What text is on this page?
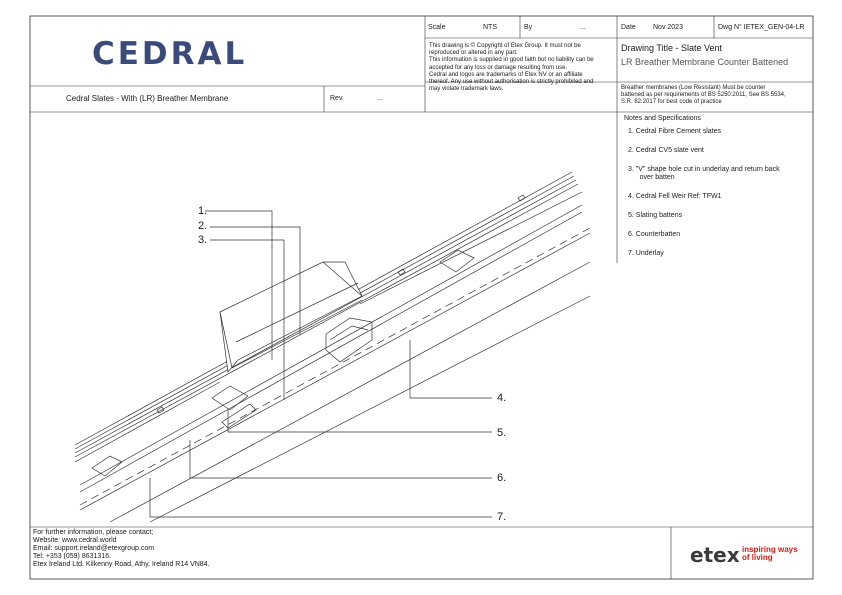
Scale	NTS	By	...	Date Nov 2023	Dwg N° IETEX_GEN-04-LR
CEDRAL	This drawing is © Copyright of Etex Group. It must not be
reproduced or altered in any part.
This information is supplied in good faith but no liability can be
accepted for any loss or damage resulting from use.
Cedral and logos are trademarks of Etex NV or an affiliate
thereof. Any use without authorisation is strictly prohibited and
may violate trademark laws.
Drawing Title - Slate Vent
LR Breather Membrane Counter Battened
Cedral Slates - With (LR) Breather Membrane	Rev.	...
Breather membranes (Low Resistant) Must be counter
battened as per requirements of BS 5250:2011, See BS 5534,
S.R. 82:2017 for best code of practice
Notes and Specifications
1. Cedral Fibre Cement slates
2. Cedral CV5 slate vent
3. "V" shape hole cut in underlay and return back
over batten
4. Cedral Fell Weir Ref: TFW1
5. Slating battens
6. Counterbatten
7. Underlay
1.
2.
3.
4.
5.
6.
7.
For further information, please contact;
Website: www.cedral.world
Email: support.ireland@etexgroup.com
Tel: +353 (059) 8631316.
Etex Ireland Ltd. Kilkenny Road, Athy, Ireland R14 VN84.	etex inspiring ways
of living
